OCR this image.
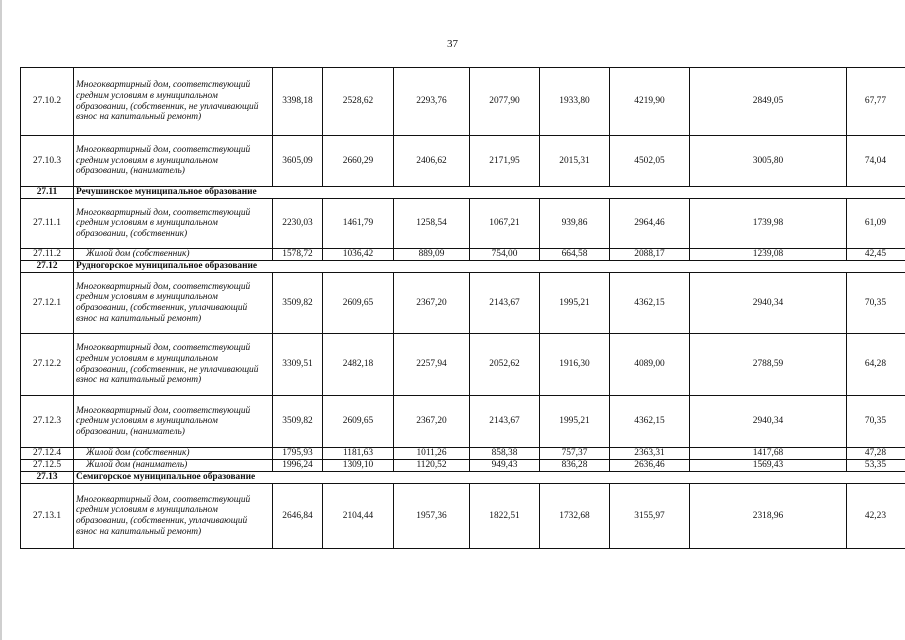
37
27.10.2	Многоквартирный дом, соответствующий средним условиям в муниципальном образовании, (собственник, не уплачивающий взнос на капитальный ремонт)	3398,18	2528,62	2293,76	2077,90	1933,80	4219,90	2849,05	67,77
27.10.3	Многоквартирный дом, соответствующий средним условиям в муниципальном образовании, (наниматель)	3605,09	2660,29	2406,62	2171,95	2015,31	4502,05	3005,80	74,04
27.11	Речушинское муниципальное образование								
27.11.1	Многоквартирный дом, соответствующий средним условиям в муниципальном образовании, (собственник)	2230,03	1461,79	1258,54	1067,21	939,86	2964,46	1739,98	61,09
27.11.2	Жилой дом (собственник)	1578,72	1036,42	889,09	754,00	664,58	2088,17	1239,08	42,45
27.12	Рудногорское муниципальное образование								
27.12.1	Многоквартирный дом, соответствующий средним условиям в муниципальном образовании, (собственник, уплачивающий взнос на капитальный ремонт)	3509,82	2609,65	2367,20	2143,67	1995,21	4362,15	2940,34	70,35
27.12.2	Многоквартирный дом, соответствующий средним условиям в муниципальном образовании, (собственник, не уплачивающий взнос на капитальный ремонт)	3309,51	2482,18	2257,94	2052,62	1916,30	4089,00	2788,59	64,28
27.12.3	Многоквартирный дом, соответствующий средним условиям в муниципальном образовании, (наниматель)	3509,82	2609,65	2367,20	2143,67	1995,21	4362,15	2940,34	70,35
27.12.4	Жилой дом (собственник)	1795,93	1181,63	1011,26	858,38	757,37	2363,31	1417,68	47,28
27.12.5	Жилой дом (наниматель)	1996,24	1309,10	1120,52	949,43	836,28	2636,46	1569,43	53,35
27.13	Семигорское муниципальное образование								
27.13.1	Многоквартирный дом, соответствующий средним условиям в муниципальном образовании, (собственник, уплачивающий взнос на капитальный ремонт)	2646,84	2104,44	1957,36	1822,51	1732,68	3155,97	2318,96	42,23
